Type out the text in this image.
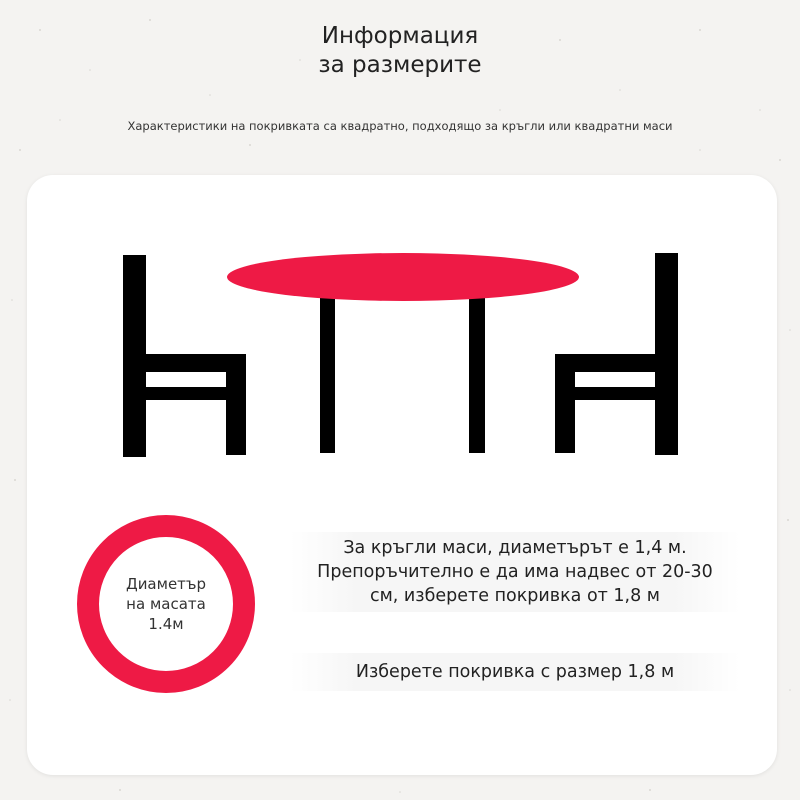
Информация
за размерите
Характеристики на покривката са квадратно, подходящо за кръгли или квадратни маси
Диаметър
на масата
1.4м
За кръгли маси, диаметърът е 1,4 м.
Препоръчително е да има надвес от 20-30
см, изберете покривка от 1,8 м
Изберете покривка с размер 1,8 м
